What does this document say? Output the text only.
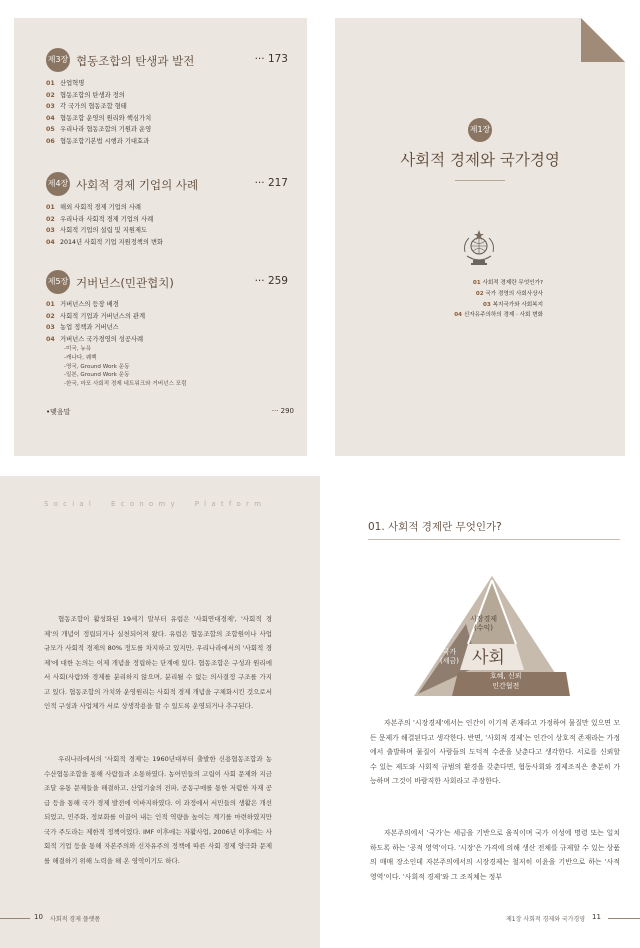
제3장 협동조합의 탄생과 발전	··· 173
01 산업혁명
02 협동조합의 탄생과 정의
03 각 국가의 협동조합 형태
04 협동조합 운영의 원리와 핵심가치
05 우리나라 협동조합의 기원과 운영
06 협동조합기본법 시행과 기대효과
제4장 사회적 경제 기업의 사례	··· 217
01 해외 사회적 경제 기업의 사례
02 우리나라 사회적 경제 기업의 사례
03 사회적 기업의 설립 및 지원제도
04 2014년 사회적 기업 지원정책의 변화
제5장 거버넌스(민관협치)	··· 259
01 거버넌스의 등장 배경
02 사회적 기업과 거버넌스의 관계
03 농업 정책과 거버넌스
04 거버넌스 국가경영의 성공사례
-미국, 뉴욕
-캐나다, 퀘벡
-영국, Ground Work 운동
-일본, Ground Work 운동
-한국, 마포 사회적 경제 네트워크와 거버넌스 포럼
•맺음말	··· 290
제1장
사회적 경제와 국가경영
01 사회적 경제란 무엇인가?
02 국가 경영의 사회사상사
03 복지국가와 사회복지
04 신자유주의하의 경제 · 사회 변화
S o c i a l     E c o n o m y     P l a t f o r m
협동조합이 활성화된 19세기 말부터 유럽은 '사회연대경제', '사회적 경제'의 개념이 정립되거나 실천되어져 왔다. 유럽은 협동조합의 조합원이나 사업 규모가 사회적 경제의 80% 정도를 차지하고 있지만, 우리나라에서의 '사회적 경제'에 대한 논의는 이제 개념을 정립하는 단계에 있다. 협동조합은 구성과 원리에서 사회(사람)와 경제를 분리하지 않으며, 분리될 수 없는 의사결정 구조를 가지고 있다. 협동조합의 가치와 운영원리는 사회적 경제 개념을 구체화시킨 것으로서 인적 구성과 사업체가 서로 상생작용을 할 수 있도록 운영되거나 추구된다.
우리나라에서의 '사회적 경제'는 1960년대부터 출발한 신용협동조합과 농수산협동조합을 통해 사람들과 소통하였다. 농어민들의 고립이 사회 문제와 지금조달 유통 문제들을 해결하고, 산업기술의 전파, 공동구매를 통한 저렴한 자재 공급 등을 통해 국가 경제 발전에 이바지하였다. 이 과정에서 서민들의 생활은 개선되었고, 민주화, 정보화를 이끌어 내는 인적 역량을 높이는 계기를 마련하였지만 국가 주도라는 제한적 정책이었다. IMF 이후에는 자활사업, 2006년 이후에는 사회적 기업 등을 통해 자본주의와 신자유주의 정책에 따른 사회 경제 양극화 문제를 해결하기 위해 노력을 해 온 영역이기도 하다.
10 사회적 경제 플랫폼
01. 사회적 경제란 무엇인가?
시장경제
(수익)
국가
(세금) 사회
호혜, 신뢰
인간협전
자본주의 '시장경제'에서는 인간이 이기적 존재라고 가정하여 물질만 있으면 모든 문제가 해결된다고 생각한다. 반면, '사회적 경제'는 인간이 상호적 존재라는 가정에서 출발하며 물질이 사람들의 도덕적 수준을 낮춘다고 생각한다. 서로를 신뢰할 수 있는 제도와 사회적 규범의 환경을 갖춘다면, 협동사회와 경제조직은 충분히 가능하며 그것이 바람직한 사회라고 주장한다.
자본주의에서 '국가'는 세금을 기반으로 움직이며 국가 이성에 명령 또는 일치하도록 하는 '공적 영역'이다. '시장'은 가격에 의해 생산 전체를 규제할 수 있는 상품의 매매 장소인데 자본주의에서의 시장경제는 철저히 이윤을 기반으로 하는 '사적 영역'이다. '사회적 경제'와 그 조직체는 정부
제1장 사회적 경제와 국가경영 11
